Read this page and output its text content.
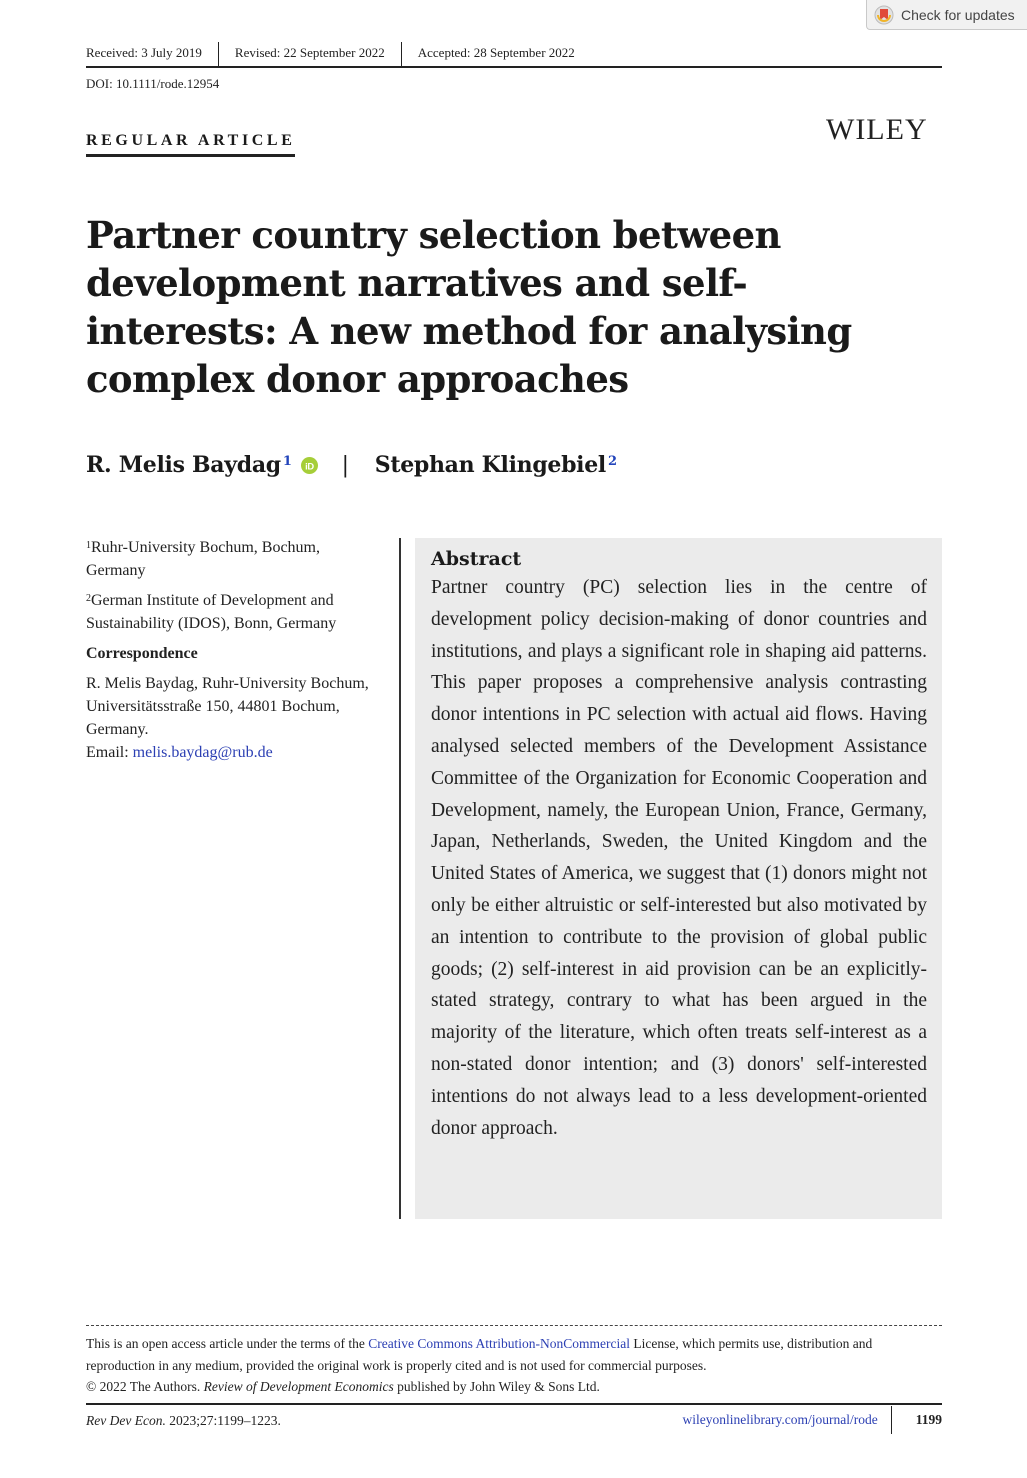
Check for updates
Received: 3 July 2019	Revised: 22 September 2022	Accepted: 28 September 2022
DOI: 10.1111/rode.12954
REGULAR ARTICLE	WILEY
Partner country selection between development narratives and self-interests: A new method for analysing complex donor approaches
R. Melis Baydag$^1$ iD | Stephan Klingebiel$^2$

$^1$Ruhr-University Bochum, Bochum, Germany

$^2$German Institute of Development and Sustainability (IDOS), Bonn, Germany

Correspondence

R. Melis Baydag, Ruhr-University Bochum, Universitätsstraße 150, 44801 Bochum, Germany.
Email: melis.baydag@rub.de

Abstract

Partner country (PC) selection lies in the centre of development policy decision-making of donor countries and institutions, and plays a significant role in shaping aid patterns. This paper proposes a comprehensive analysis contrasting donor intentions in PC selection with actual aid flows. Having analysed selected members of the Development Assistance Committee of the Organization for Economic Cooperation and Development, namely, the European Union, France, Germany, Japan, Netherlands, Sweden, the United Kingdom and the United States of America, we suggest that (1) donors might not only be either altruistic or self-interested but also motivated by an intention to contribute to the provision of global public goods; (2) self-interest in aid provision can be an explicitly-stated strategy, contrary to what has been argued in the majority of the literature, which often treats self-interest as a non-stated donor intention; and (3) donors' self-interested intentions do not always lead to a less development-oriented donor approach.

This is an open access article under the terms of the Creative Commons Attribution-NonCommercial License, which permits use, distribution and reproduction in any medium, provided the original work is properly cited and is not used for commercial purposes.

© 2022 The Authors. Review of Development Economics published by John Wiley & Sons Ltd.

Rev Dev Econ. 2023;27:1199–1223.	wileyonlinelibrary.com/journal/rode	1199
